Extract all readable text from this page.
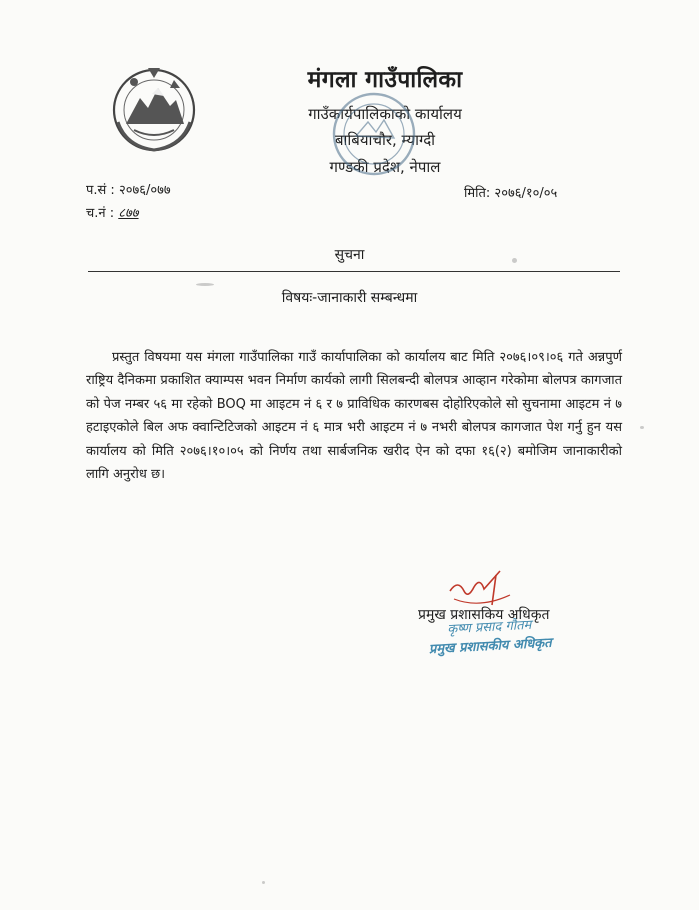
मंगला गाउँपालिका
गाउँकार्यपालिकाको कार्यालय
बाबियाचौर, म्याग्दी
गण्डकी प्रदेश, नेपाल
प.सं : २०७६/०७७
च.नं : ८७७
मिति: २०७६/१०/०५
सुचना
विषयः-जानाकारी सम्बन्धमा

प्रस्तुत विषयमा यस मंगला गाउँपालिका गाउँ कार्यापालिका को कार्यालय बाट मिति २०७६।०९।०६ गते अन्नपुर्ण राष्ट्रिय दैनिकमा प्रकाशित क्याम्पस भवन निर्माण कार्यको लागी सिलबन्दी बोलपत्र आव्हान गरेकोमा बोलपत्र कागजात को पेज नम्बर ५६ मा रहेको BOQ मा आइटम नं ६ र ७ प्राविधिक कारणबस दोहोरिएकोले सो सुचनामा आइटम नं ७ हटाइएकोले बिल अफ क्वान्टिटिजको आइटम नं ६ मात्र भरी आइटम नं ७ नभरी बोलपत्र कागजात पेश गर्नु हुन यस कार्यालय को मिति २०७६।१०।०५ को निर्णय तथा सार्बजनिक खरीद ऐन को दफा १६(२) बमोजिम जानाकारीको लागि अनुरोध छ।

प्रमुख प्रशासकिय अधिकृत
कृष्ण प्रसाद गौतम
प्रमुख प्रशासकीय अधिकृत
